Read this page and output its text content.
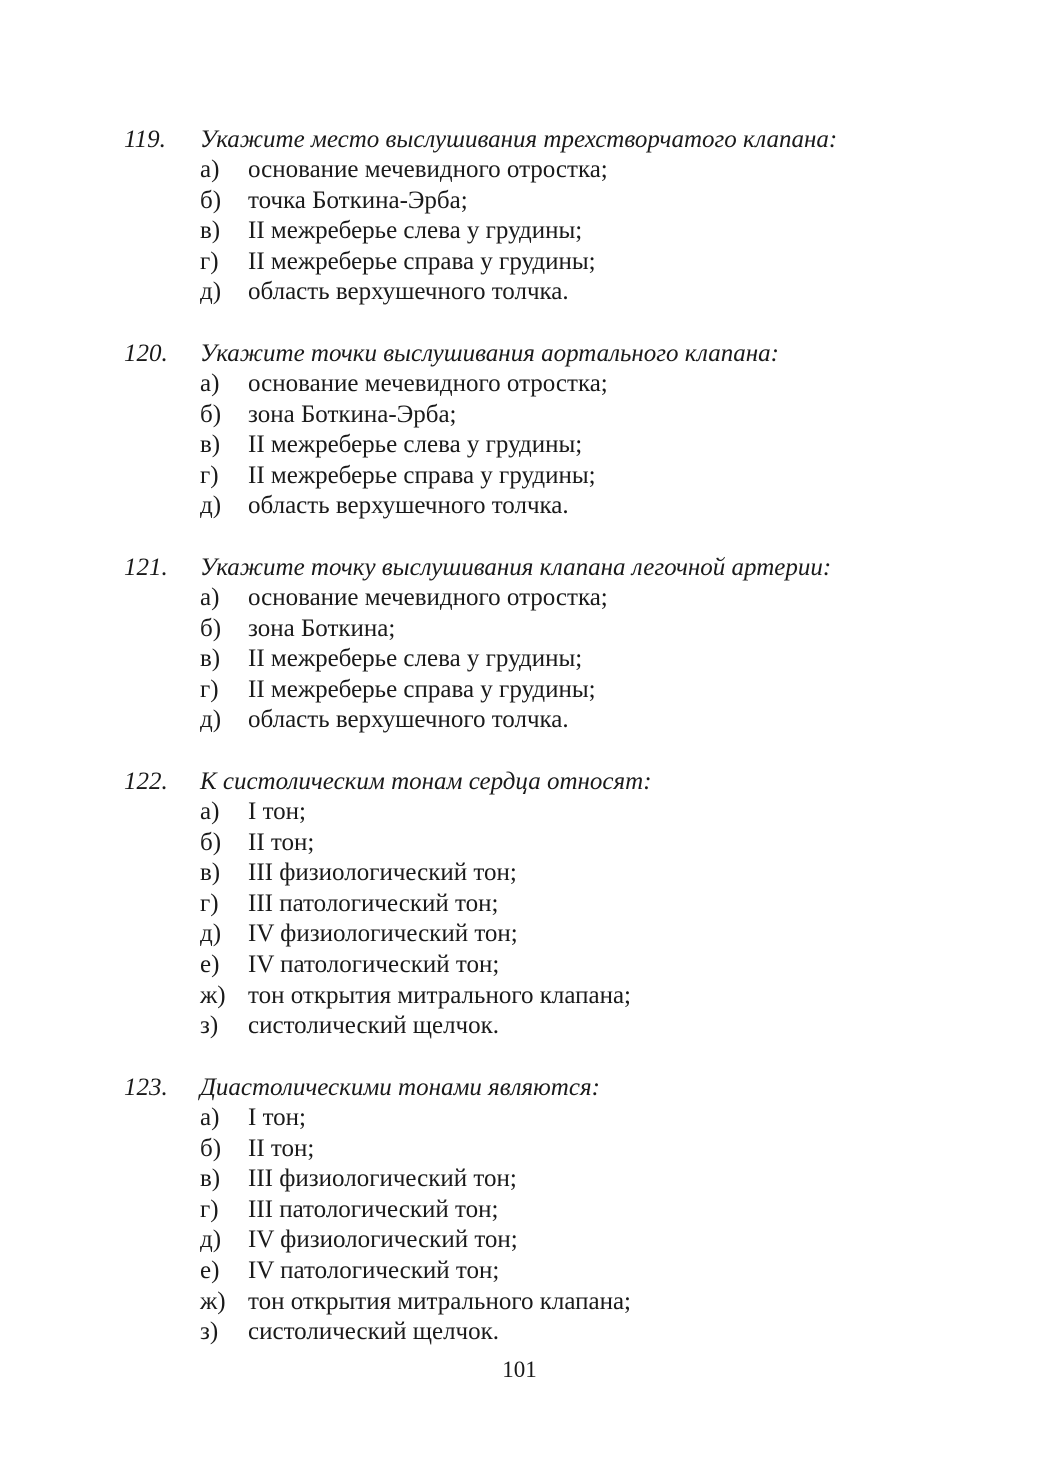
119. Укажите место выслушивания трехстворчатого клапана:
а) основание мечевидного отростка;
б) точка Боткина-Эрба;
в) II межреберье слева у грудины;
г) II межреберье справа у грудины;
д) область верхушечного толчка.
120. Укажите точки выслушивания аортального клапана:
а) основание мечевидного отростка;
б) зона Боткина-Эрба;
в) II межреберье слева у грудины;
г) II межреберье справа у грудины;
д) область верхушечного толчка.
121. Укажите точку выслушивания клапана легочной артерии:
а) основание мечевидного отростка;
б) зона Боткина;
в) II межреберье слева у грудины;
г) II межреберье справа у грудины;
д) область верхушечного толчка.
122. К систолическим тонам сердца относят:
а) I тон;
б) II тон;
в) III физиологический тон;
г) III патологический тон;
д) IV физиологический тон;
е) IV патологический тон;
ж) тон открытия митрального клапана;
з) систолический щелчок.
123. Диастолическими тонами являются:
а) I тон;
б) II тон;
в) III физиологический тон;
г) III патологический тон;
д) IV физиологический тон;
е) IV патологический тон;
ж) тон открытия митрального клапана;
з) систолический щелчок.
101
